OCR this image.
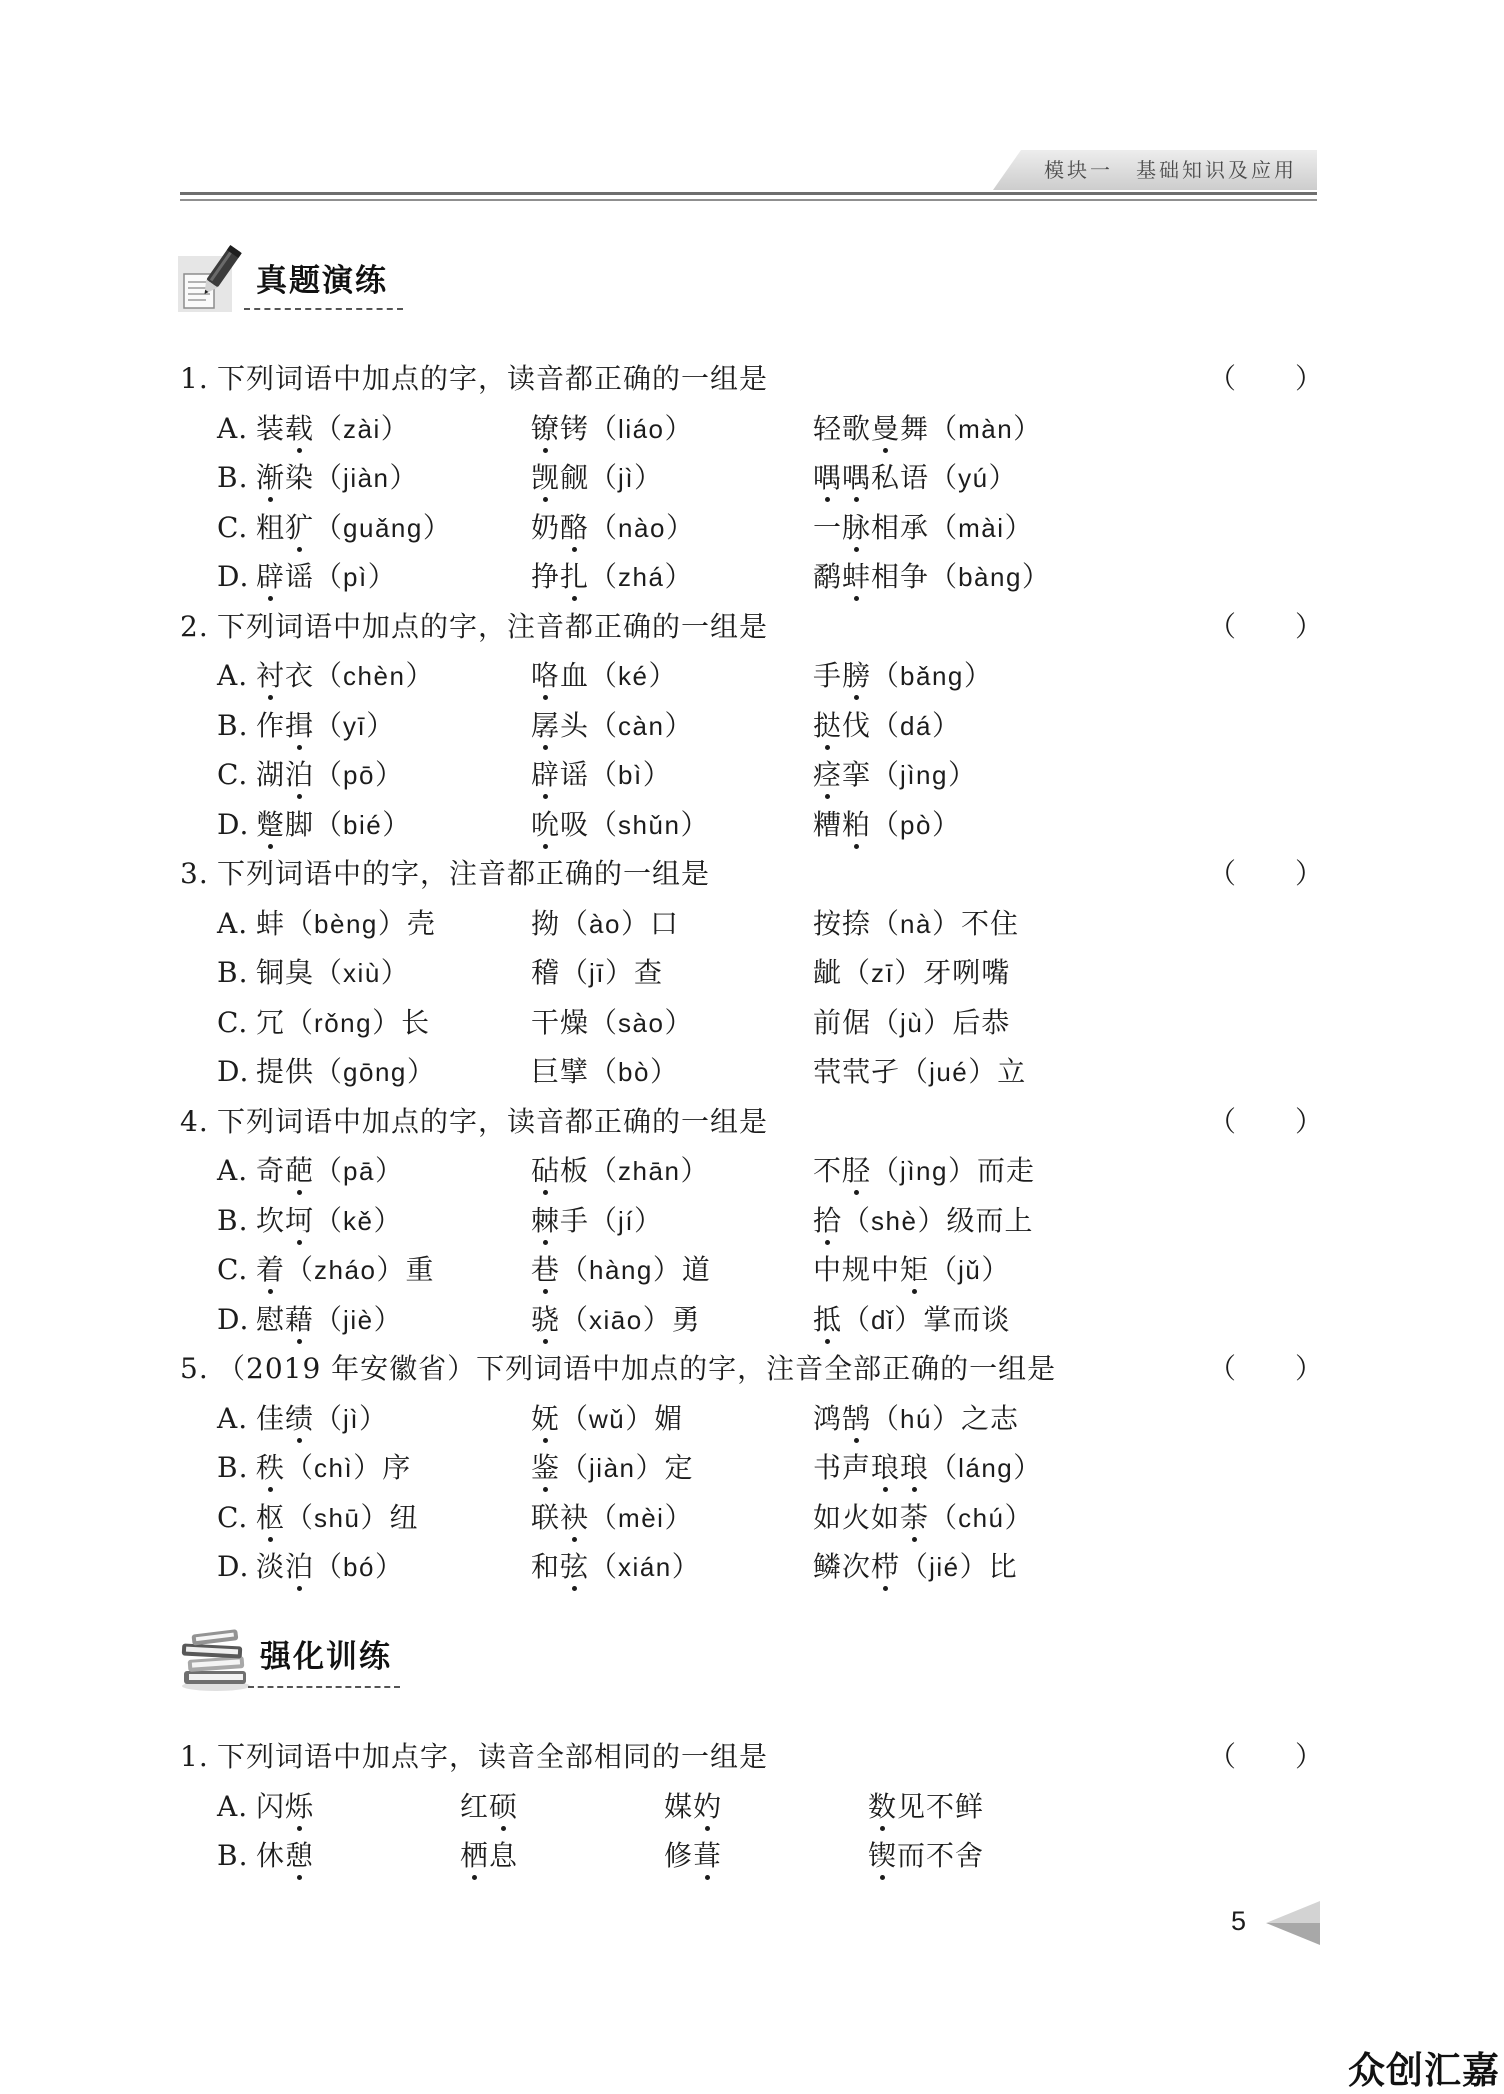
模块一　基础知识及应用
真题演练
1. 下列词语中加点的字，读音都正确的一组是	（　　）
A. 装载（zài）	镣铐（liáo）	轻歌曼舞（màn）
B. 渐染（jiàn）	觊觎（jì）	喁喁私语（yú）
C. 粗犷（guǎng）	奶酪（nào）	一脉相承（mài）
D. 辟谣（pì）	挣扎（zhá）	鹬蚌相争（bàng）
2. 下列词语中加点的字，注音都正确的一组是	（　　）
A. 衬衣（chèn）	咯血（ké）	手膀（bǎng）
B. 作揖（yī）	孱头（càn）	挞伐（dá）
C. 湖泊（pō）	辟谣（bì）	痉挛（jìng）
D. 蹩脚（bié）	吮吸（shǔn）	糟粕（pò）
3. 下列词语中的字，注音都正确的一组是	（　　）
A. 蚌（bèng）壳	拗（ào）口	按捺（nà）不住
B. 铜臭（xiù）	稽（jī）查	龇（zī）牙咧嘴
C. 冗（rǒng）长	干燥（sào）	前倨（jù）后恭
D. 提供（gōng）	巨擘（bò）	茕茕孑（jué）立
4. 下列词语中加点的字，读音都正确的一组是	（　　）
A. 奇葩（pā）	砧板（zhān）	不胫（jìng）而走
B. 坎坷（kě）	棘手（jí）	拾（shè）级而上
C. 着（zháo）重	巷（hàng）道	中规中矩（jǔ）
D. 慰藉（jiè）	骁（xiāo）勇	抵（dǐ）掌而谈
5. （2019 年安徽省）下列词语中加点的字，注音全部正确的一组是	（　　）
A. 佳绩（jì）	妩（wǔ）媚	鸿鹄（hú）之志
B. 秩（chì）序	鉴（jiàn）定	书声琅琅（láng）
C. 枢（shū）纽	联袂（mèi）	如火如荼（chú）
D. 淡泊（bó）	和弦（xián）	鳞次栉（jié）比
强化训练
1. 下列词语中加点字，读音全部相同的一组是	（　　）
A. 闪烁	红硕	媒妁	数见不鲜
B. 休憩	栖息	修葺	锲而不舍
5
众创汇嘉
